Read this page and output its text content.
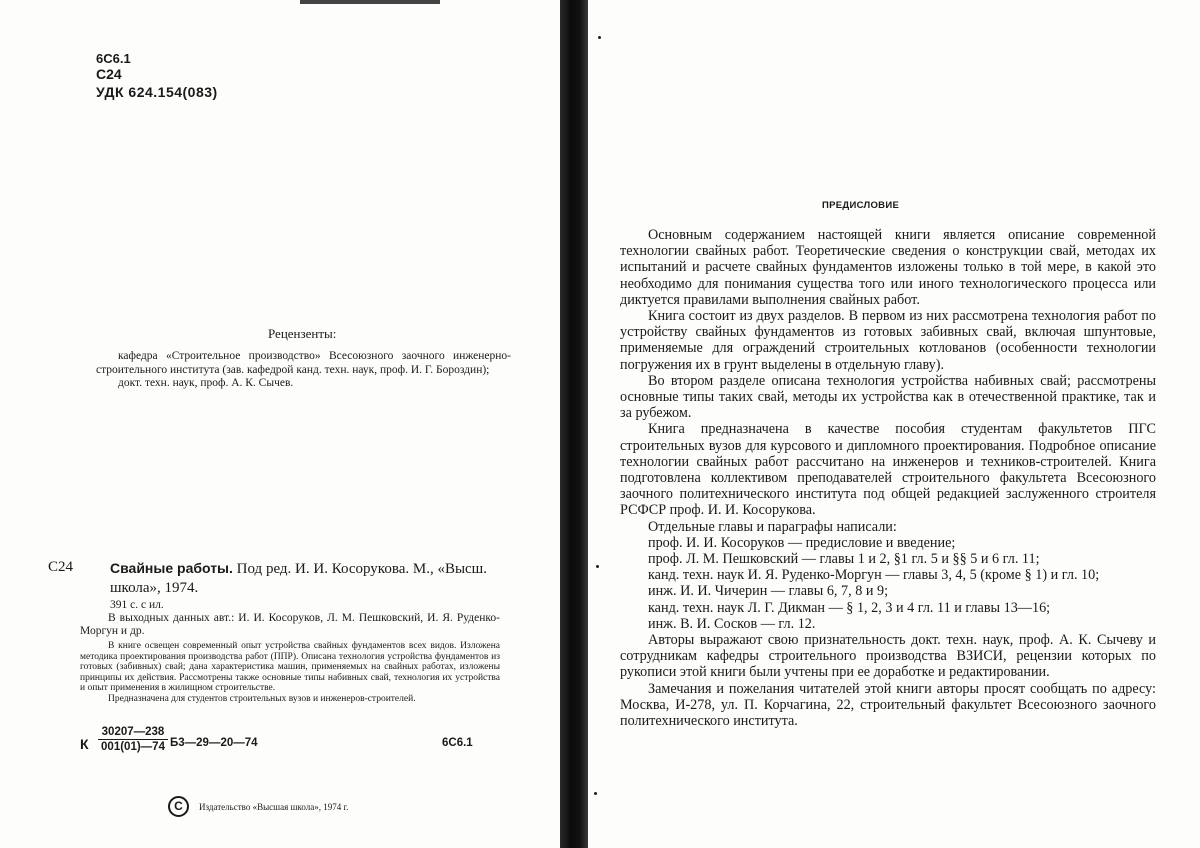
6С6.1
С24
УДК 624.154(083)
Рецензенты:

кафедра «Строительное производство» Всесоюзного заочного инженерно-строительного института (зав. кафедрой канд. техн. наук, проф. И. Г. Бороздин);

докт. техн. наук, проф. А. К. Сычев.

С24	Свайные работы. Под ред. И. И. Косорукова. М., «Высш. школа», 1974.
391 с. с ил.

В выходных данных авт.: И. И. Косоруков, Л. М. Пешковский, И. Я. Руденко-Моргун и др.

В книге освещен современный опыт устройства свайных фундаментов всех видов. Изложена методика проектирования производства работ (ППР). Описана технология устройства фундаментов из готовых (забивных) свай; дана характеристика машин, применяемых на свайных работах, изложены принципы их действия. Рассмотрены также основные типы набивных свай, технология их устройства и опыт применения в жилищном строительстве.

Предназначена для студентов строительных вузов и инженеров-строителей.

К $\frac{30207—238}{001(01)—74}$ Б3—29—20—74	6С6.1
C	Издательство «Высшая школа», 1974 г.
ПРЕДИСЛОВИЕ

Основным содержанием настоящей книги является описание современной технологии свайных работ. Теоретические сведения о конструкции свай, методах их испытаний и расчете свайных фундаментов изложены только в той мере, в какой это необходимо для понимания существа того или иного технологического процесса или диктуется правилами выполнения свайных работ.

Книга состоит из двух разделов. В первом из них рассмотрена технология работ по устройству свайных фундаментов из готовых забивных свай, включая шпунтовые, применяемые для ограждений строительных котлованов (особенности технологии погружения их в грунт выделены в отдельную главу).

Во втором разделе описана технология устройства набивных свай; рассмотрены основные типы таких свай, методы их устройства как в отечественной практике, так и за рубежом.

Книга предназначена в качестве пособия студентам факультетов ПГС строительных вузов для курсового и дипломного проектирования. Подробное описание технологии свайных работ рассчитано на инженеров и техников-строителей. Книга подготовлена коллективом преподавателей строительного факультета Всесоюзного заочного политехнического института под общей редакцией заслуженного строителя РСФСР проф. И. И. Косорукова.

Отдельные главы и параграфы написали:

проф. И. И. Косоруков — предисловие и введение;

проф. Л. М. Пешковский — главы 1 и 2, §1 гл. 5 и §§ 5 и 6 гл. 11;

канд. техн. наук И. Я. Руденко-Моргун — главы 3, 4, 5 (кроме § 1) и гл. 10;

инж. И. И. Чичерин — главы 6, 7, 8 и 9;

канд. техн. наук Л. Г. Дикман — § 1, 2, 3 и 4 гл. 11 и главы 13—16;

инж. В. И. Сосков — гл. 12.

Авторы выражают свою признательность докт. техн. наук, проф. А. К. Сычеву и сотрудникам кафедры строительного производства ВЗИСИ, рецензии которых по рукописи этой книги были учтены при ее доработке и редактировании.

Замечания и пожелания читателей этой книги авторы просят сообщать по адресу: Москва, И-278, ул. П. Корчагина, 22, строительный факультет Всесоюзного заочного политехнического института.
